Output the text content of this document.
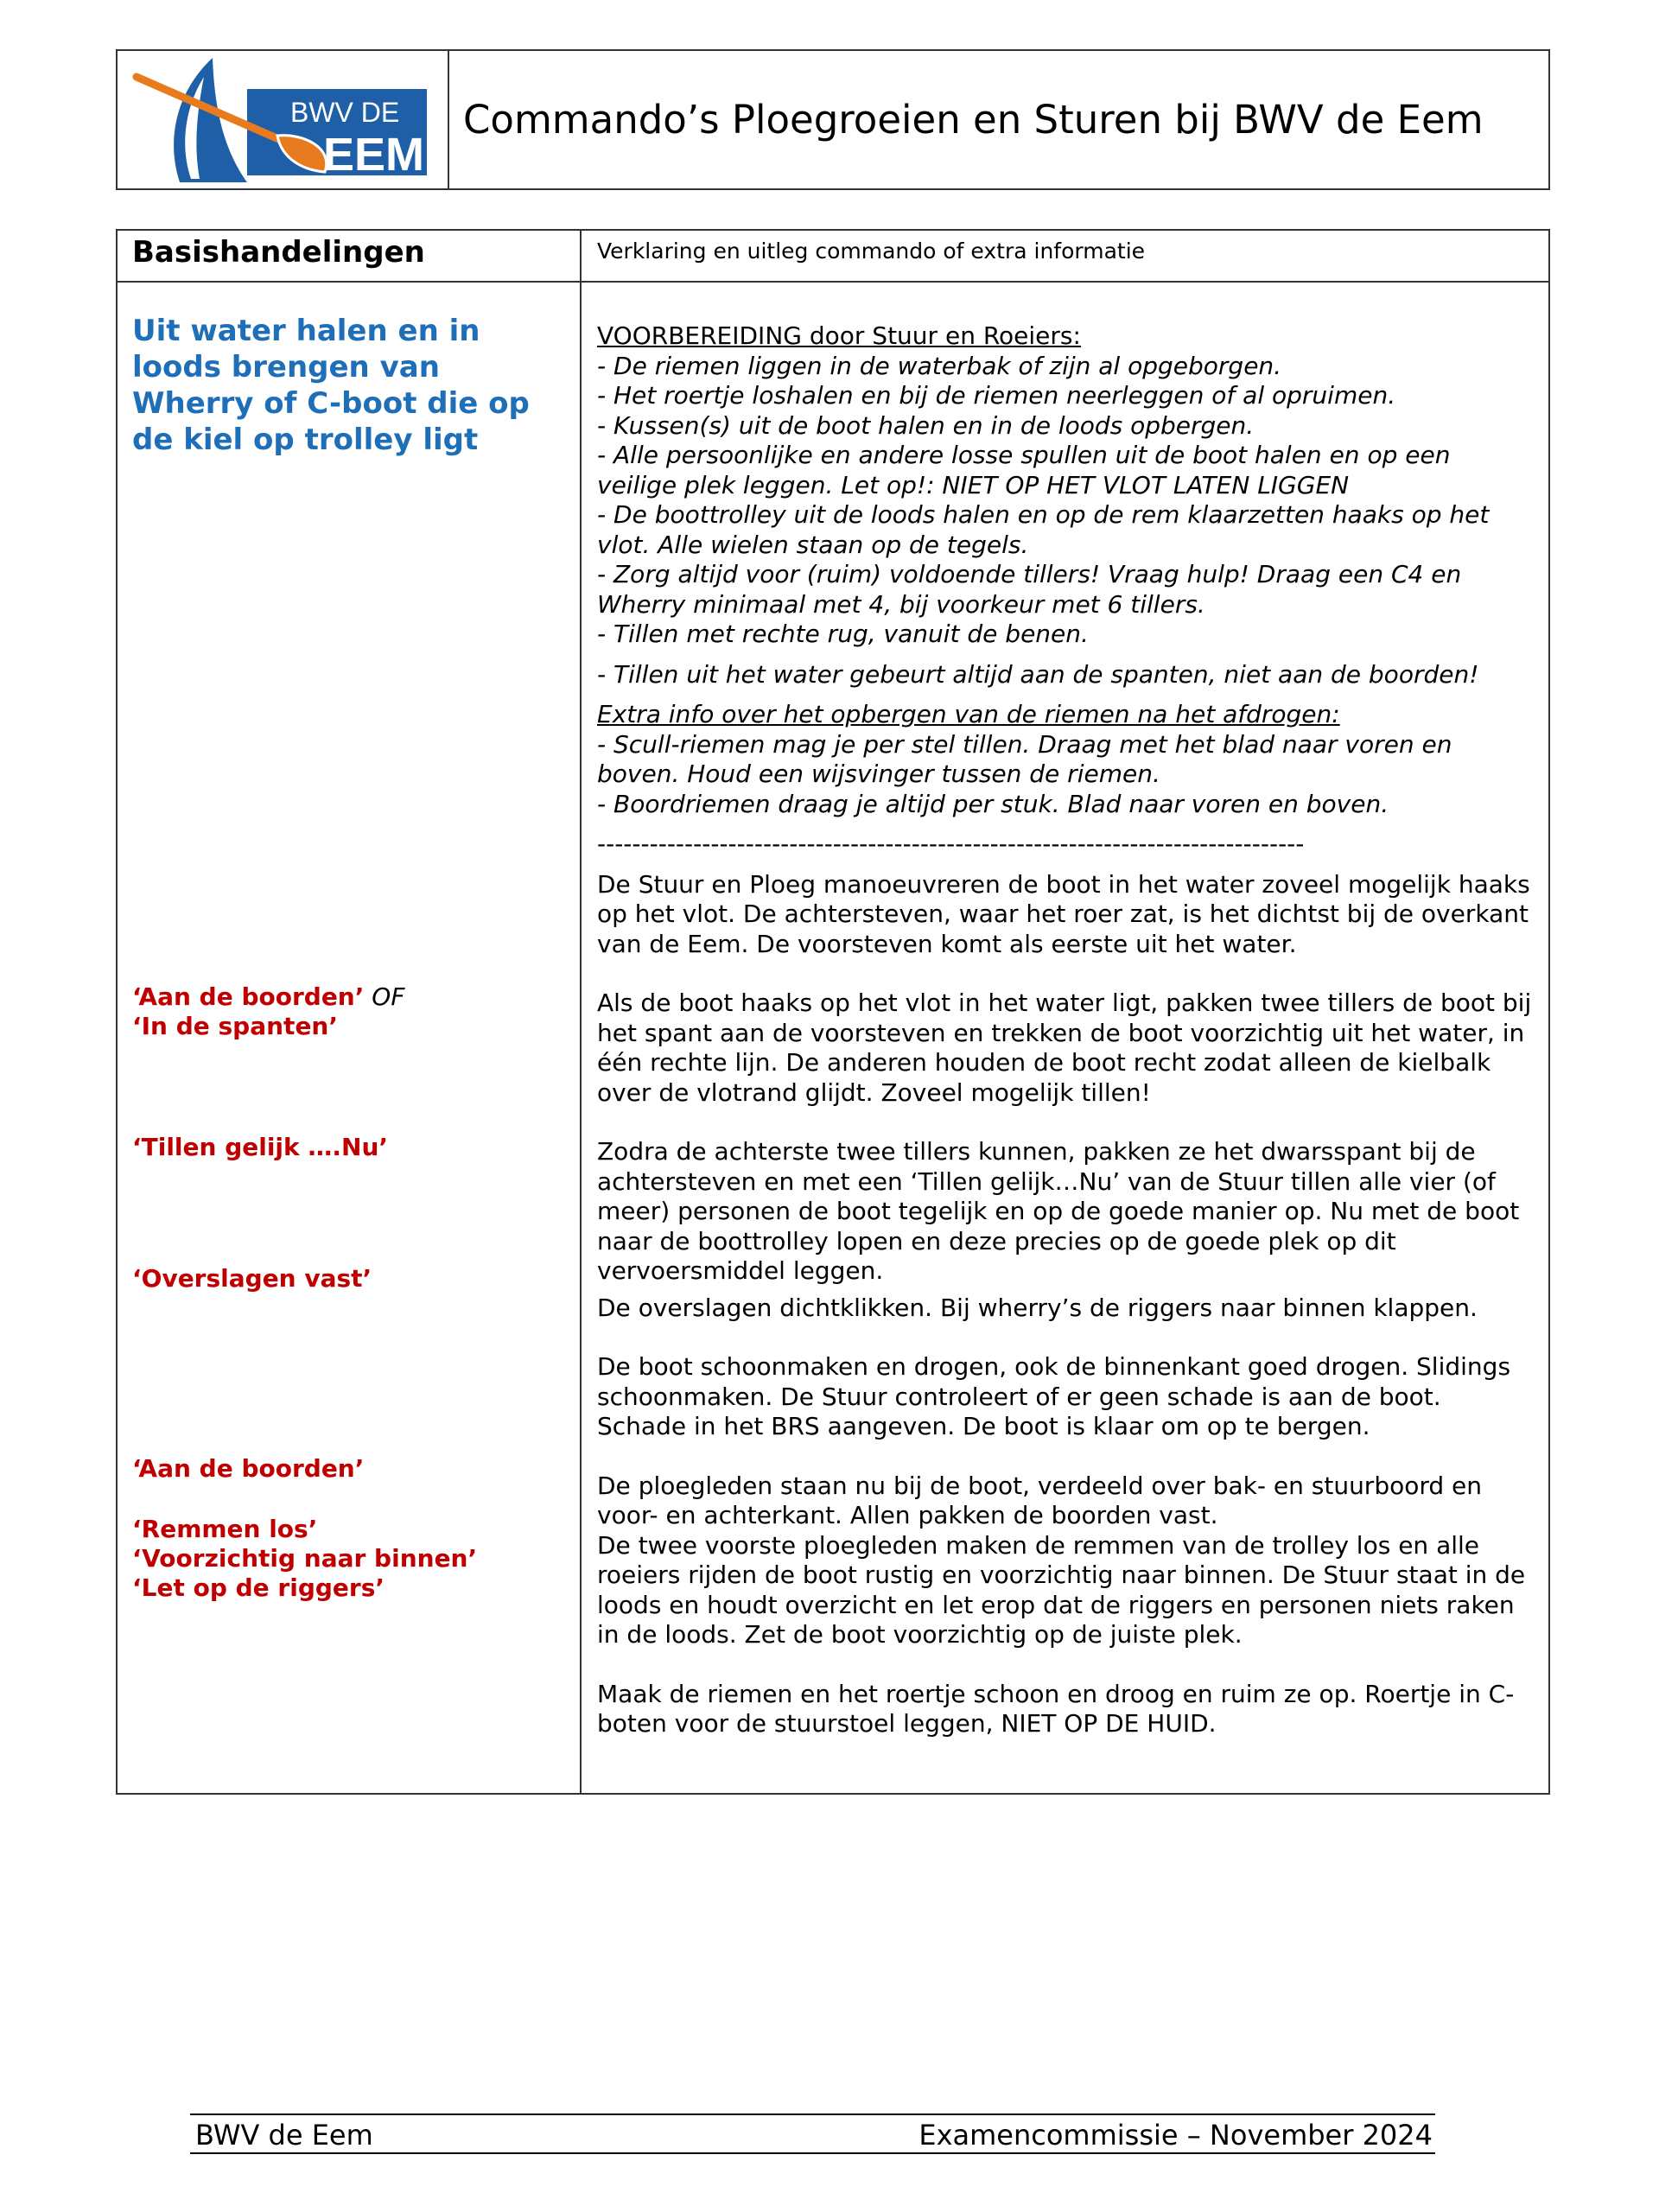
BWV DE
EEM
Commando’s Ploegroeien en Sturen bij BWV de Eem
Basishandelingen	Verklaring en uitleg commando of extra informatie
Uit water halen en in loods brengen van Wherry of C-boot die op de kiel op trolley ligt
‘Aan de boorden’ OF
‘In de spanten’
‘Tillen gelijk ….Nu’
‘Overslagen vast’
‘Aan de boorden’
‘Remmen los’
‘Voorzichtig naar binnen’
‘Let op de riggers’

VOORBEREIDING door Stuur en Roeiers:

- De riemen liggen in de waterbak of zijn al opgeborgen.

- Het roertje loshalen en bij de riemen neerleggen of al opruimen.

- Kussen(s) uit de boot halen en in de loods opbergen.

- Alle persoonlijke en andere losse spullen uit de boot halen en op een veilige plek leggen. Let op!: NIET OP HET VLOT LATEN LIGGEN

- De boottrolley uit de loods halen en op de rem klaarzetten haaks op het vlot. Alle wielen staan op de tegels.

- Zorg altijd voor (ruim) voldoende tillers! Vraag hulp! Draag een C4 en Wherry minimaal met 4, bij voorkeur met 6 tillers.

- Tillen met rechte rug, vanuit de benen.

- Tillen uit het water gebeurt altijd aan de spanten, niet aan de boorden!

Extra info over het opbergen van de riemen na het afdrogen:

- Scull-riemen mag je per stel tillen. Draag met het blad naar voren en boven. Houd een wijsvinger tussen de riemen.

- Boordriemen draag je altijd per stuk. Blad naar voren en boven.

---------------------------------------------------------------------------------

De Stuur en Ploeg manoeuvreren de boot in het water zoveel mogelijk haaks op het vlot. De achtersteven, waar het roer zat, is het dichtst bij de overkant van de Eem. De voorsteven komt als eerste uit het water.

Als de boot haaks op het vlot in het water ligt, pakken twee tillers de boot bij het spant aan de voorsteven en trekken de boot voorzichtig uit het water, in één rechte lijn. De anderen houden de boot recht zodat alleen de kielbalk over de vlotrand glijdt. Zoveel mogelijk tillen!

Zodra de achterste twee tillers kunnen, pakken ze het dwarsspant bij de achtersteven en met een ‘Tillen gelijk…Nu’ van de Stuur tillen alle vier (of meer) personen de boot tegelijk en op de goede manier op. Nu met de boot naar de boottrolley lopen en deze precies op de goede plek op dit vervoersmiddel leggen.

De overslagen dichtklikken. Bij wherry’s de riggers naar binnen klappen.

De boot schoonmaken en drogen, ook de binnenkant goed drogen. Slidings schoonmaken. De Stuur controleert of er geen schade is aan de boot. Schade in het BRS aangeven. De boot is klaar om op te bergen.

De ploegleden staan nu bij de boot, verdeeld over bak- en stuurboord en voor- en achterkant. Allen pakken de boorden vast.

De twee voorste ploegleden maken de remmen van de trolley los en alle roeiers rijden de boot rustig en voorzichtig naar binnen. De Stuur staat in de loods en houdt overzicht en let erop dat de riggers en personen niets raken in de loods. Zet de boot voorzichtig op de juiste plek.

Maak de riemen en het roertje schoon en droog en ruim ze op. Roertje in C-boten voor de stuurstoel leggen, NIET OP DE HUID.

BWV de Eem	Examencommissie – November 2024
